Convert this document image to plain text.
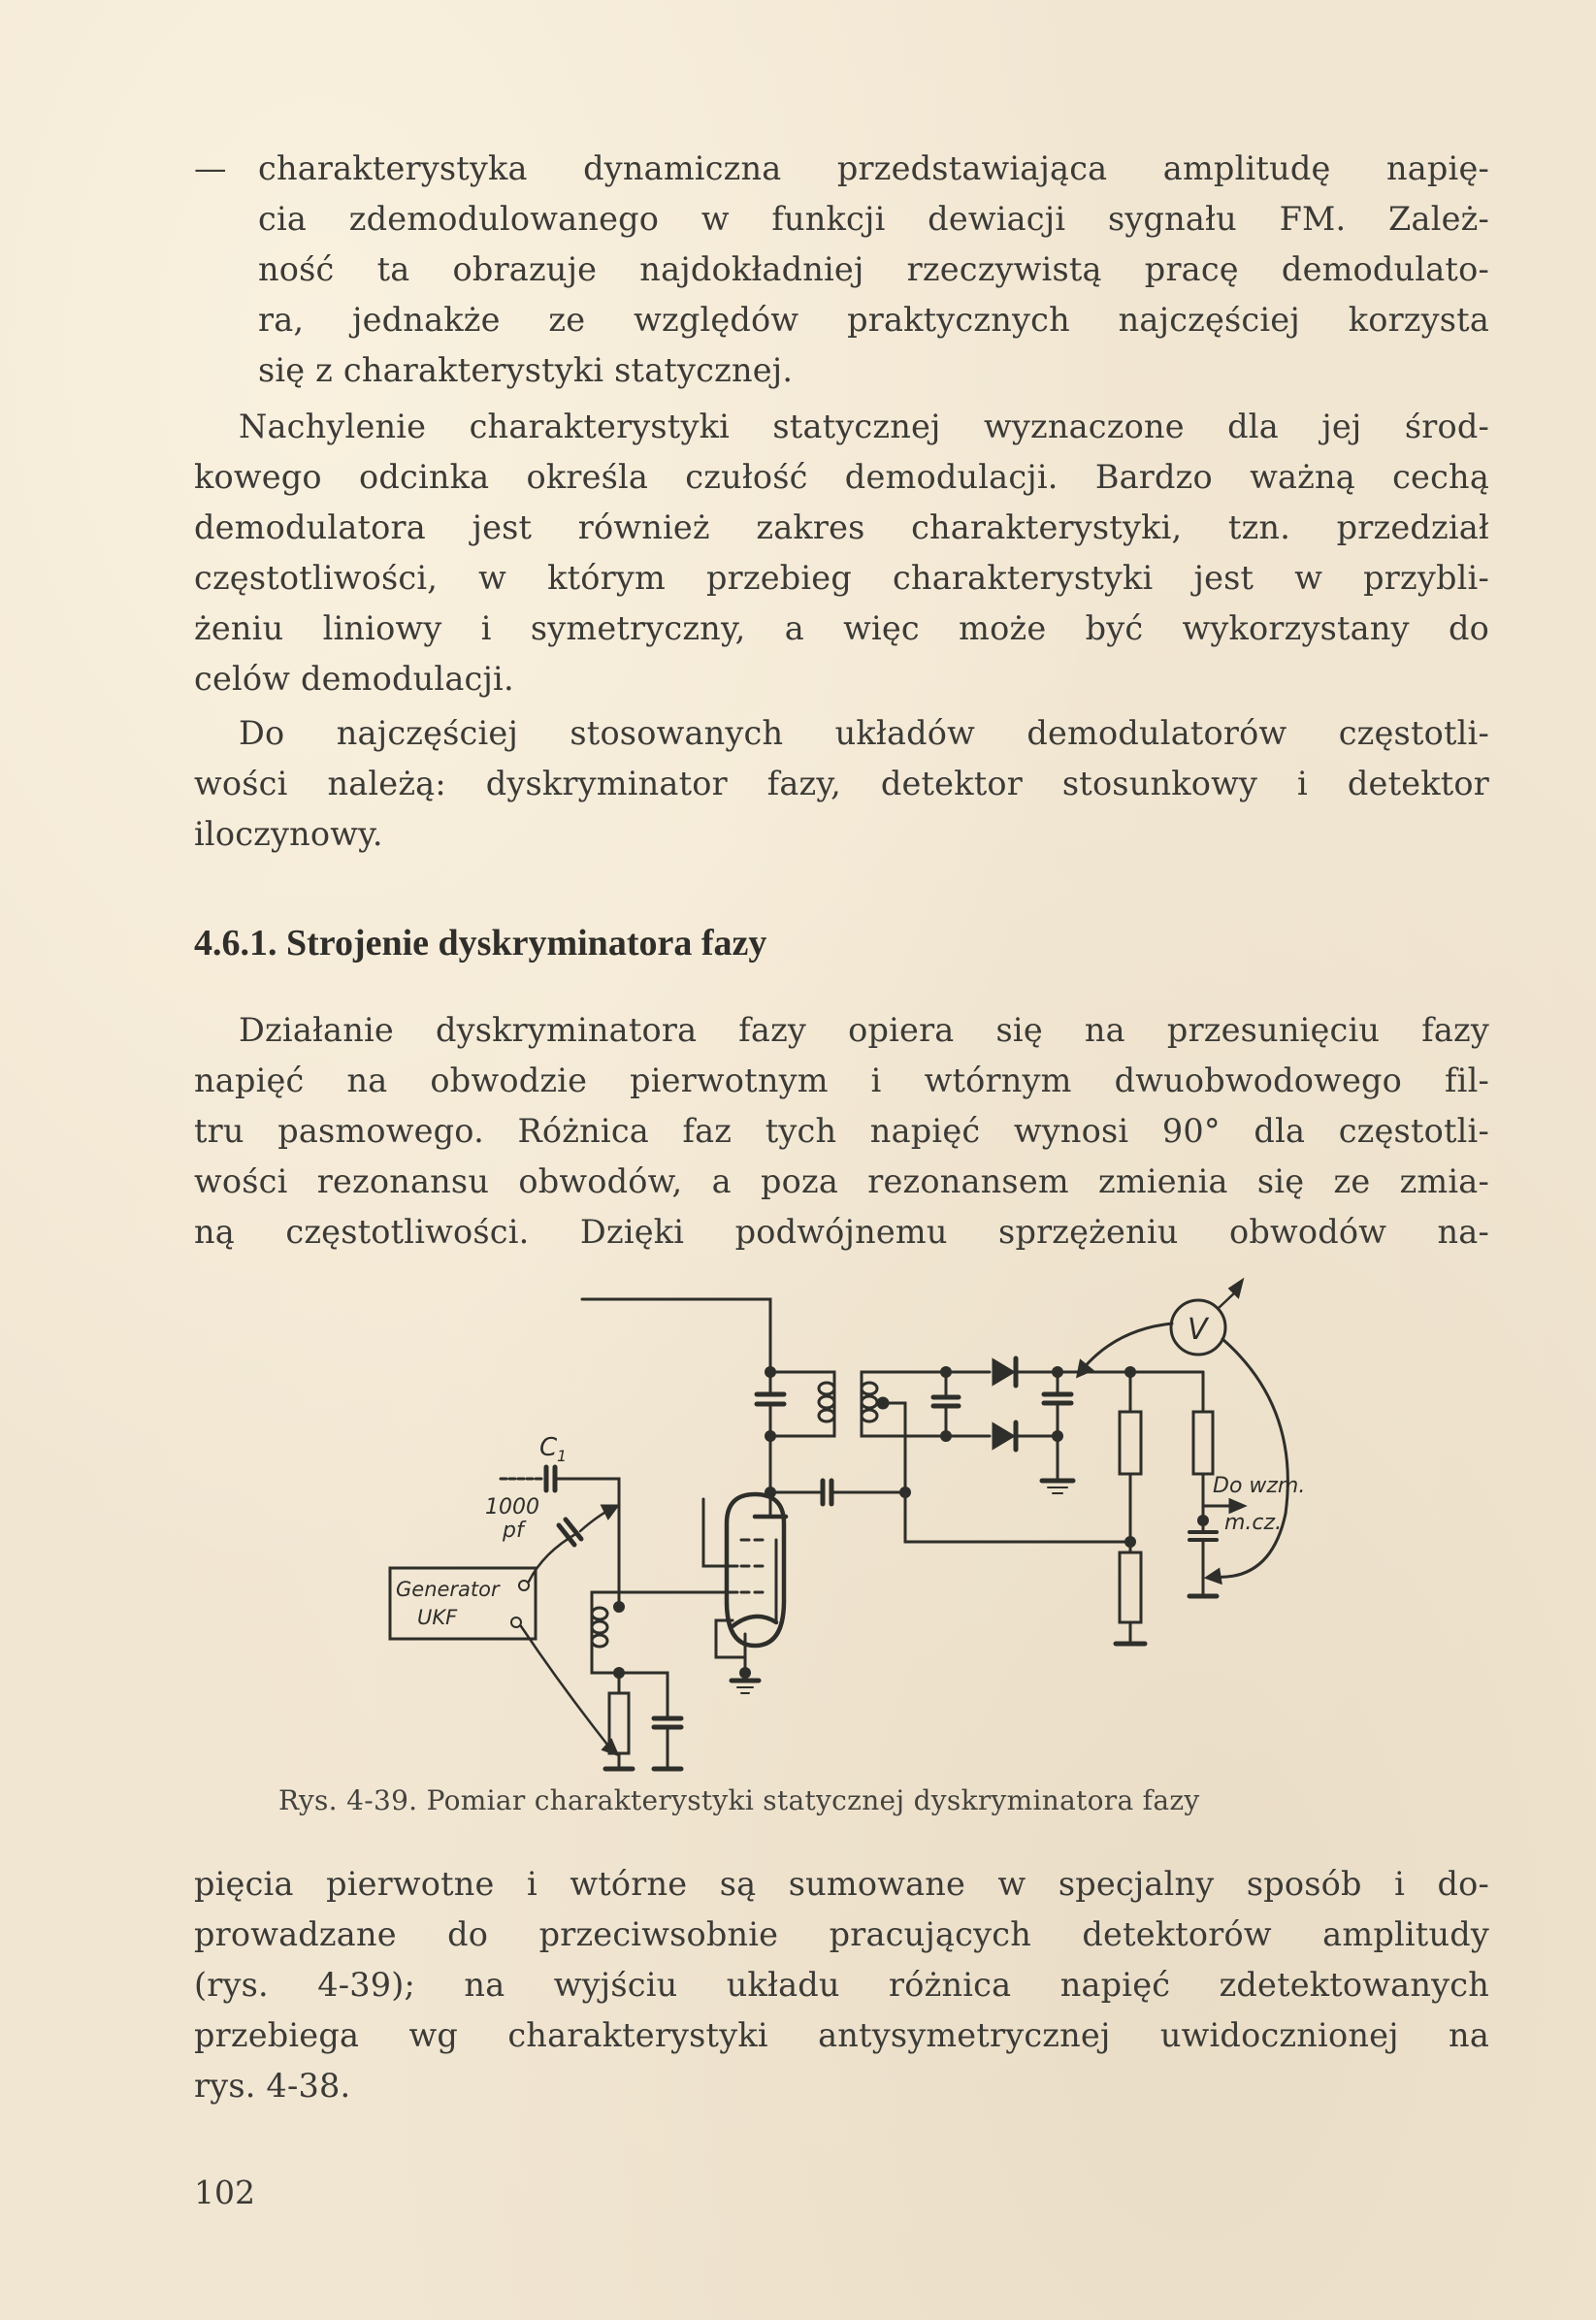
— charakterystyka dynamiczna przedstawiająca amplitudę napię-
cia zdemodulowanego w funkcji dewiacji sygnału FM. Zależ-
ność ta obrazuje najdokładniej rzeczywistą pracę demodulato-
ra, jednakże ze względów praktycznych najczęściej korzysta
się z charakterystyki statycznej.
Nachylenie charakterystyki statycznej wyznaczone dla jej środ-
kowego odcinka określa czułość demodulacji. Bardzo ważną cechą
demodulatora jest również zakres charakterystyki, tzn. przedział
częstotliwości, w którym przebieg charakterystyki jest w przybli-
żeniu liniowy i symetryczny, a więc może być wykorzystany do
celów demodulacji.
Do najczęściej stosowanych układów demodulatorów częstotli-
wości należą: dyskryminator fazy, detektor stosunkowy i detektor
iloczynowy.
4.6.1. Strojenie dyskryminatora fazy
Działanie dyskryminatora fazy opiera się na przesunięciu fazy
napięć na obwodzie pierwotnym i wtórnym dwuobwodowego fil-
tru pasmowego. Różnica faz tych napięć wynosi 90° dla częstotli-
wości rezonansu obwodów, a poza rezonansem zmienia się ze zmia-
ną częstotliwości. Dzięki podwójnemu sprzężeniu obwodów na-
V
Do wzm.
m.cz.
C 1
Generator
UKF
1000
pf
Rys. 4-39. Pomiar charakterystyki statycznej dyskryminatora fazy
pięcia pierwotne i wtórne są sumowane w specjalny sposób i do-
prowadzane do przeciwsobnie pracujących detektorów amplitudy
(rys. 4-39); na wyjściu układu różnica napięć zdetektowanych
przebiega wg charakterystyki antysymetrycznej uwidocznionej na
rys. 4-38.
102
